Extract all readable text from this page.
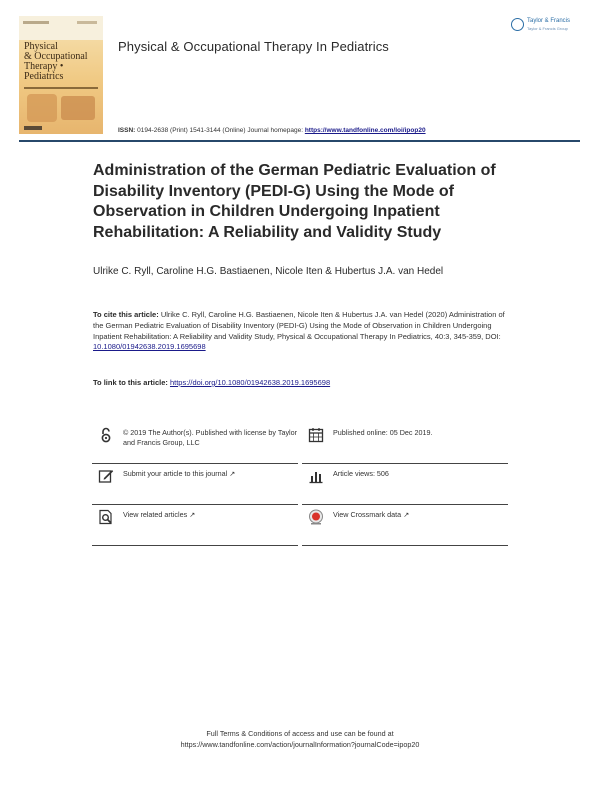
Physical
& Occupational
Therapy • Pediatrics
Physical & Occupational Therapy In Pediatrics
Taylor & Francis
Taylor & Francis Group
ISSN: 0194-2638 (Print) 1541-3144 (Online) Journal homepage: https://www.tandfonline.com/loi/ipop20
Administration of the German Pediatric Evaluation of Disability Inventory (PEDI-G) Using the Mode of Observation in Children Undergoing Inpatient Rehabilitation: A Reliability and Validity Study
Ulrike C. Ryll, Caroline H.G. Bastiaenen, Nicole Iten & Hubertus J.A. van Hedel
To cite this article: Ulrike C. Ryll, Caroline H.G. Bastiaenen, Nicole Iten & Hubertus J.A. van Hedel (2020) Administration of the German Pediatric Evaluation of Disability Inventory (PEDI-G) Using the Mode of Observation in Children Undergoing Inpatient Rehabilitation: A Reliability and Validity Study, Physical & Occupational Therapy In Pediatrics, 40:3, 345-359, DOI: 10.1080/01942638.2019.1695698
To link to this article: https://doi.org/10.1080/01942638.2019.1695698
© 2019 The Author(s). Published with license by Taylor and Francis Group, LLC
Published online: 05 Dec 2019.
Submit your article to this journal ↗	Article views: 506
View related articles ↗	View Crossmark data ↗
Full Terms & Conditions of access and use can be found at
https://www.tandfonline.com/action/journalInformation?journalCode=ipop20
